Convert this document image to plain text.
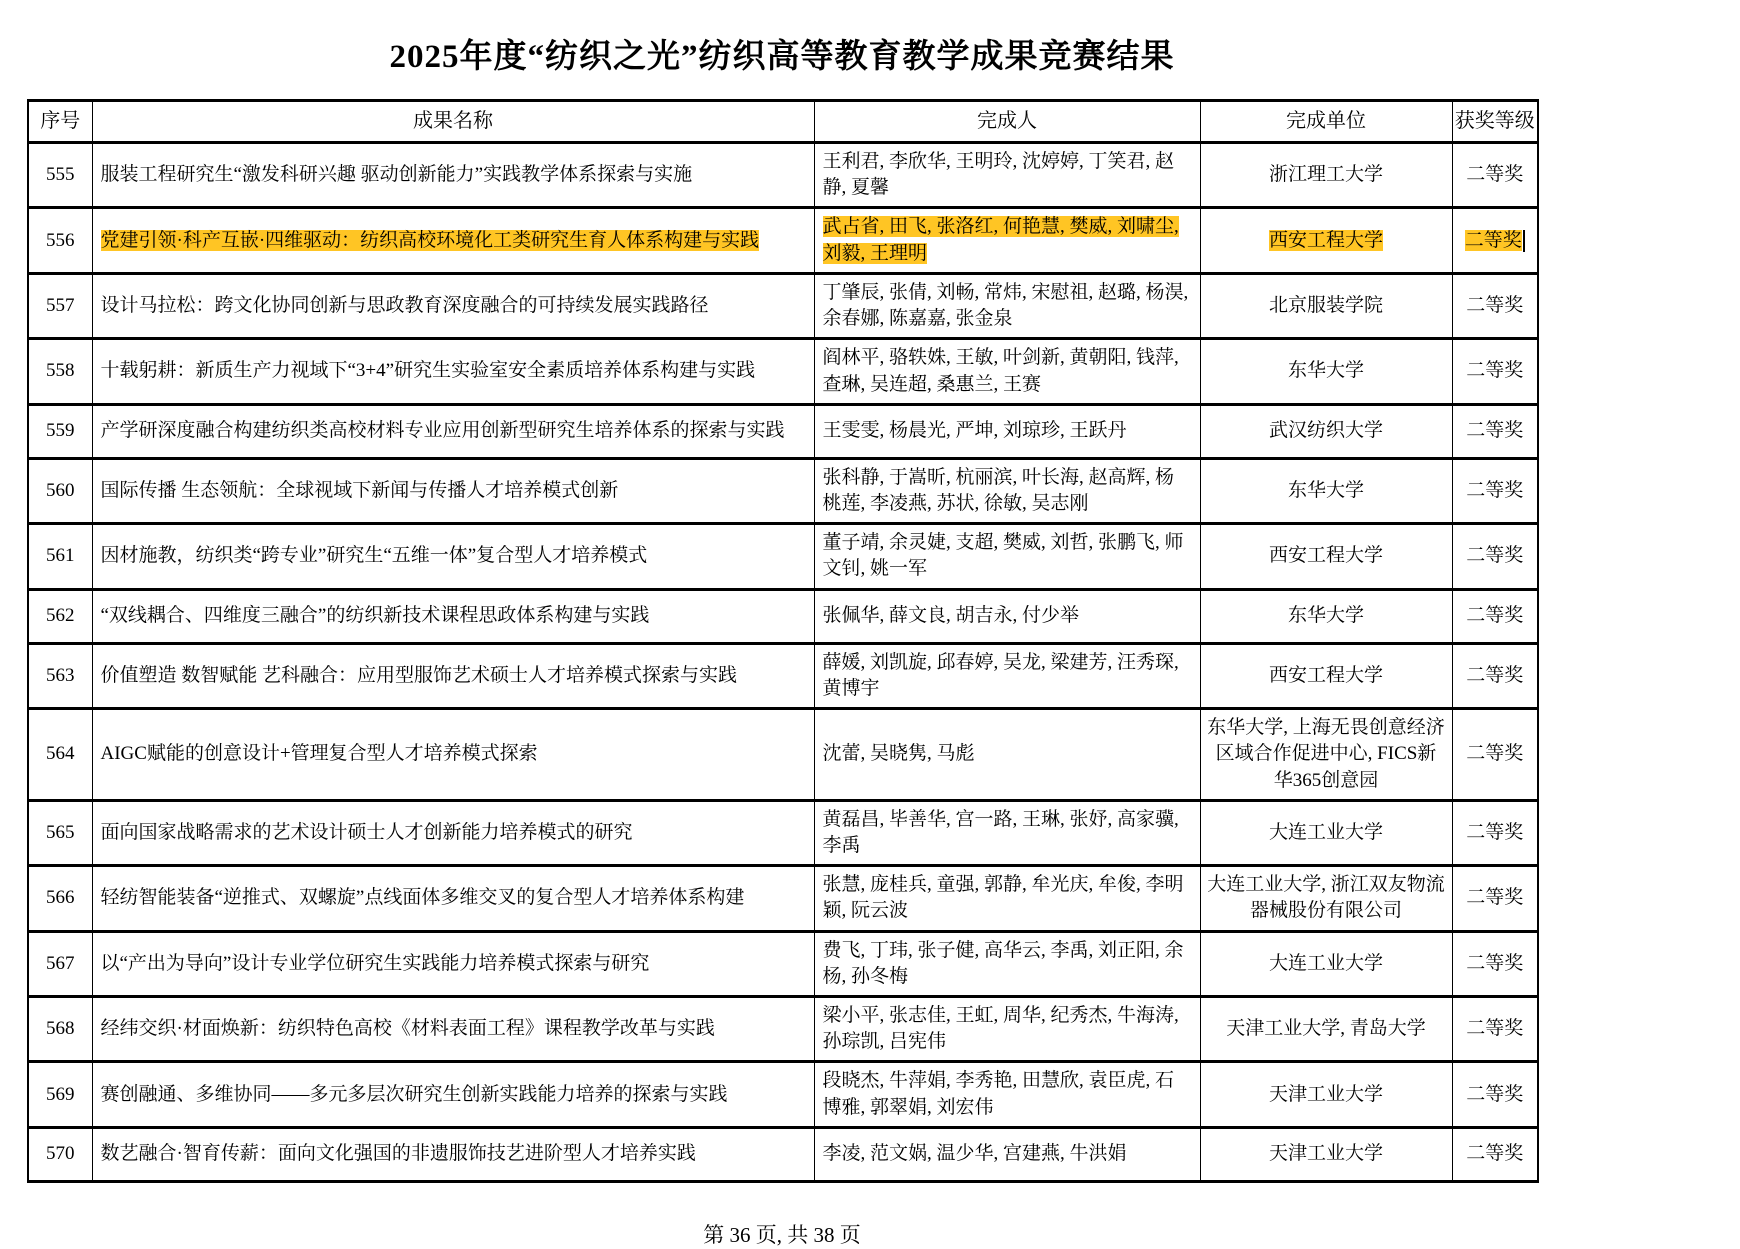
2025年度“纺织之光”纺织高等教育教学成果竞赛结果
序号	成果名称	完成人	完成单位	获奖等级
555	服装工程研究生“激发科研兴趣 驱动创新能力”实践教学体系探索与实施	王利君, 李欣华, 王明玲, 沈婷婷, 丁笑君, 赵静, 夏馨	浙江理工大学	二等奖
556	党建引领·科产互嵌·四维驱动：纺织高校环境化工类研究生育人体系构建与实践	武占省, 田飞, 张洛红, 何艳慧, 樊威, 刘啸尘, 刘毅, 王理明	西安工程大学	二等奖
557	设计马拉松：跨文化协同创新与思政教育深度融合的可持续发展实践路径	丁肇辰, 张倩, 刘畅, 常炜, 宋慰祖, 赵璐, 杨淏, 余春娜, 陈嘉嘉, 张金泉	北京服装学院	二等奖
558	十载躬耕：新质生产力视域下“3+4”研究生实验室安全素质培养体系构建与实践	阎林平, 骆轶姝, 王敏, 叶剑新, 黄朝阳, 钱萍, 查琳, 吴连超, 桑惠兰, 王赛	东华大学	二等奖
559	产学研深度融合构建纺织类高校材料专业应用创新型研究生培养体系的探索与实践	王雯雯, 杨晨光, 严坤, 刘琼珍, 王跃丹	武汉纺织大学	二等奖
560	国际传播 生态领航：全球视域下新闻与传播人才培养模式创新	张科静, 于嵩昕, 杭丽滨, 叶长海, 赵高辉, 杨桃莲, 李凌燕, 苏状, 徐敏, 吴志刚	东华大学	二等奖
561	因材施教，纺织类“跨专业”研究生“五维一体”复合型人才培养模式	董子靖, 余灵婕, 支超, 樊威, 刘哲, 张鹏飞, 师文钊, 姚一军	西安工程大学	二等奖
562	“双线耦合、四维度三融合”的纺织新技术课程思政体系构建与实践	张佩华, 薛文良, 胡吉永, 付少举	东华大学	二等奖
563	价值塑造 数智赋能 艺科融合：应用型服饰艺术硕士人才培养模式探索与实践	薛媛, 刘凯旋, 邱春婷, 吴龙, 梁建芳, 汪秀琛, 黄博宇	西安工程大学	二等奖
564	AIGC赋能的创意设计+管理复合型人才培养模式探索	沈蕾, 吴晓隽, 马彪	东华大学, 上海无畏创意经济区域合作促进中心, FICS新华365创意园	二等奖
565	面向国家战略需求的艺术设计硕士人才创新能力培养模式的研究	黄磊昌, 毕善华, 宫一路, 王琳, 张妤, 高家骥, 李禹	大连工业大学	二等奖
566	轻纺智能装备“逆推式、双螺旋”点线面体多维交叉的复合型人才培养体系构建	张慧, 庞桂兵, 童强, 郭静, 牟光庆, 牟俊, 李明颖, 阮云波	大连工业大学, 浙江双友物流器械股份有限公司	二等奖
567	以“产出为导向”设计专业学位研究生实践能力培养模式探索与研究	费飞, 丁玮, 张子健, 高华云, 李禹, 刘正阳, 余杨, 孙冬梅	大连工业大学	二等奖
568	经纬交织·材面焕新：纺织特色高校《材料表面工程》课程教学改革与实践	梁小平, 张志佳, 王虹, 周华, 纪秀杰, 牛海涛, 孙琮凯, 吕宪伟	天津工业大学, 青岛大学	二等奖
569	赛创融通、多维协同——多元多层次研究生创新实践能力培养的探索与实践	段晓杰, 牛萍娟, 李秀艳, 田慧欣, 袁臣虎, 石博雅, 郭翠娟, 刘宏伟	天津工业大学	二等奖
570	数艺融合·智育传薪：面向文化强国的非遗服饰技艺进阶型人才培养实践	李凌, 范文娲, 温少华, 宫建燕, 牛洪娟	天津工业大学	二等奖
第 36 页, 共 38 页
